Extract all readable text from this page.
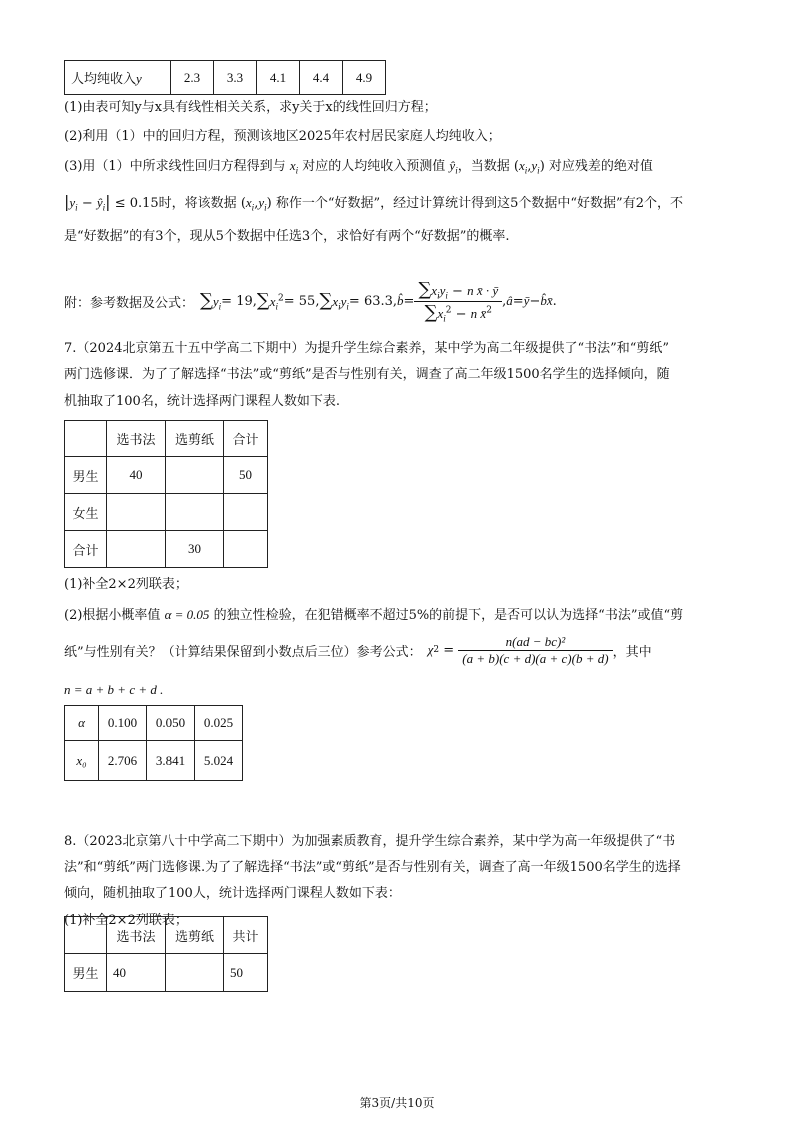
人均纯收入y	2.3	3.3	4.1	4.4	4.9
(1)由表可知y与x具有线性相关关系，求y关于x的线性回归方程；
(2)利用（1）中的回归方程，预测该地区2025年农村居民家庭人均纯收入；
(3)用（1）中所求线性回归方程得到与 $x_i$ 对应的人均纯收入预测值 $ŷ_i$，当数据 $(x_i,y_i)$ 对应残差的绝对值
$|y_i$ − $ŷ_i| \le 0.15$时，将该数据 $(x_i,y_i)$ 称作一个“好数据”，经过计算统计得到这5个数据中“好数据”有2个，不
是“好数据”的有3个，现从5个数据中任选3个，求恰好有两个“好数据”的概率.
附：参考数据及公式： $\sum y_i = 19$, $\sum x_i^2 = 55$, $\sum x_iy_i = 63.3$, b̂ = $\frac{\sum x_iy_i - n x̄ \cdot ȳ}{\sum x_i^2 - n x̄^2}$ , â = ȳ − b̂x̄ .
7.（2024北京第五十五中学高二下期中）为提升学生综合素养，某中学为高二年级提供了“书法”和“剪纸”
两门选修课．为了了解选择“书法”或“剪纸”是否与性别有关，调查了高二年级1500名学生的选择倾向，随
机抽取了100名，统计选择两门课程人数如下表.
	选书法	选剪纸	合计
男生	40		50
女生			
合计		30	
(1)补全2×2列联表；
(2)根据小概率值 α = 0.05 的独立性检验，在犯错概率不超过5%的前提下，是否可以认为选择“书法”或值“剪
纸”与性别有关？（计算结果保留到小数点后三位）参考公式： χ $2 = \frac{\text{n(ad − bc)²}}{(a + b)(c + d)(a + c)(b + d)}$ ，其中
n = a + b + c + d .
α	0.100	0.050	0.025
x₀	2.706	3.841	5.024
8.（2023北京第八十中学高二下期中）为加强素质教育，提升学生综合素养，某中学为高一年级提供了“书
法”和“剪纸”两门选修课.为了了解选择“书法”或“剪纸”是否与性别有关，调查了高一年级1500名学生的选择
倾向，随机抽取了100人，统计选择两门课程人数如下表：
(1)补全2×2列联表；
	选书法	选剪纸	共计
男生	40		50
第3页/共10页
